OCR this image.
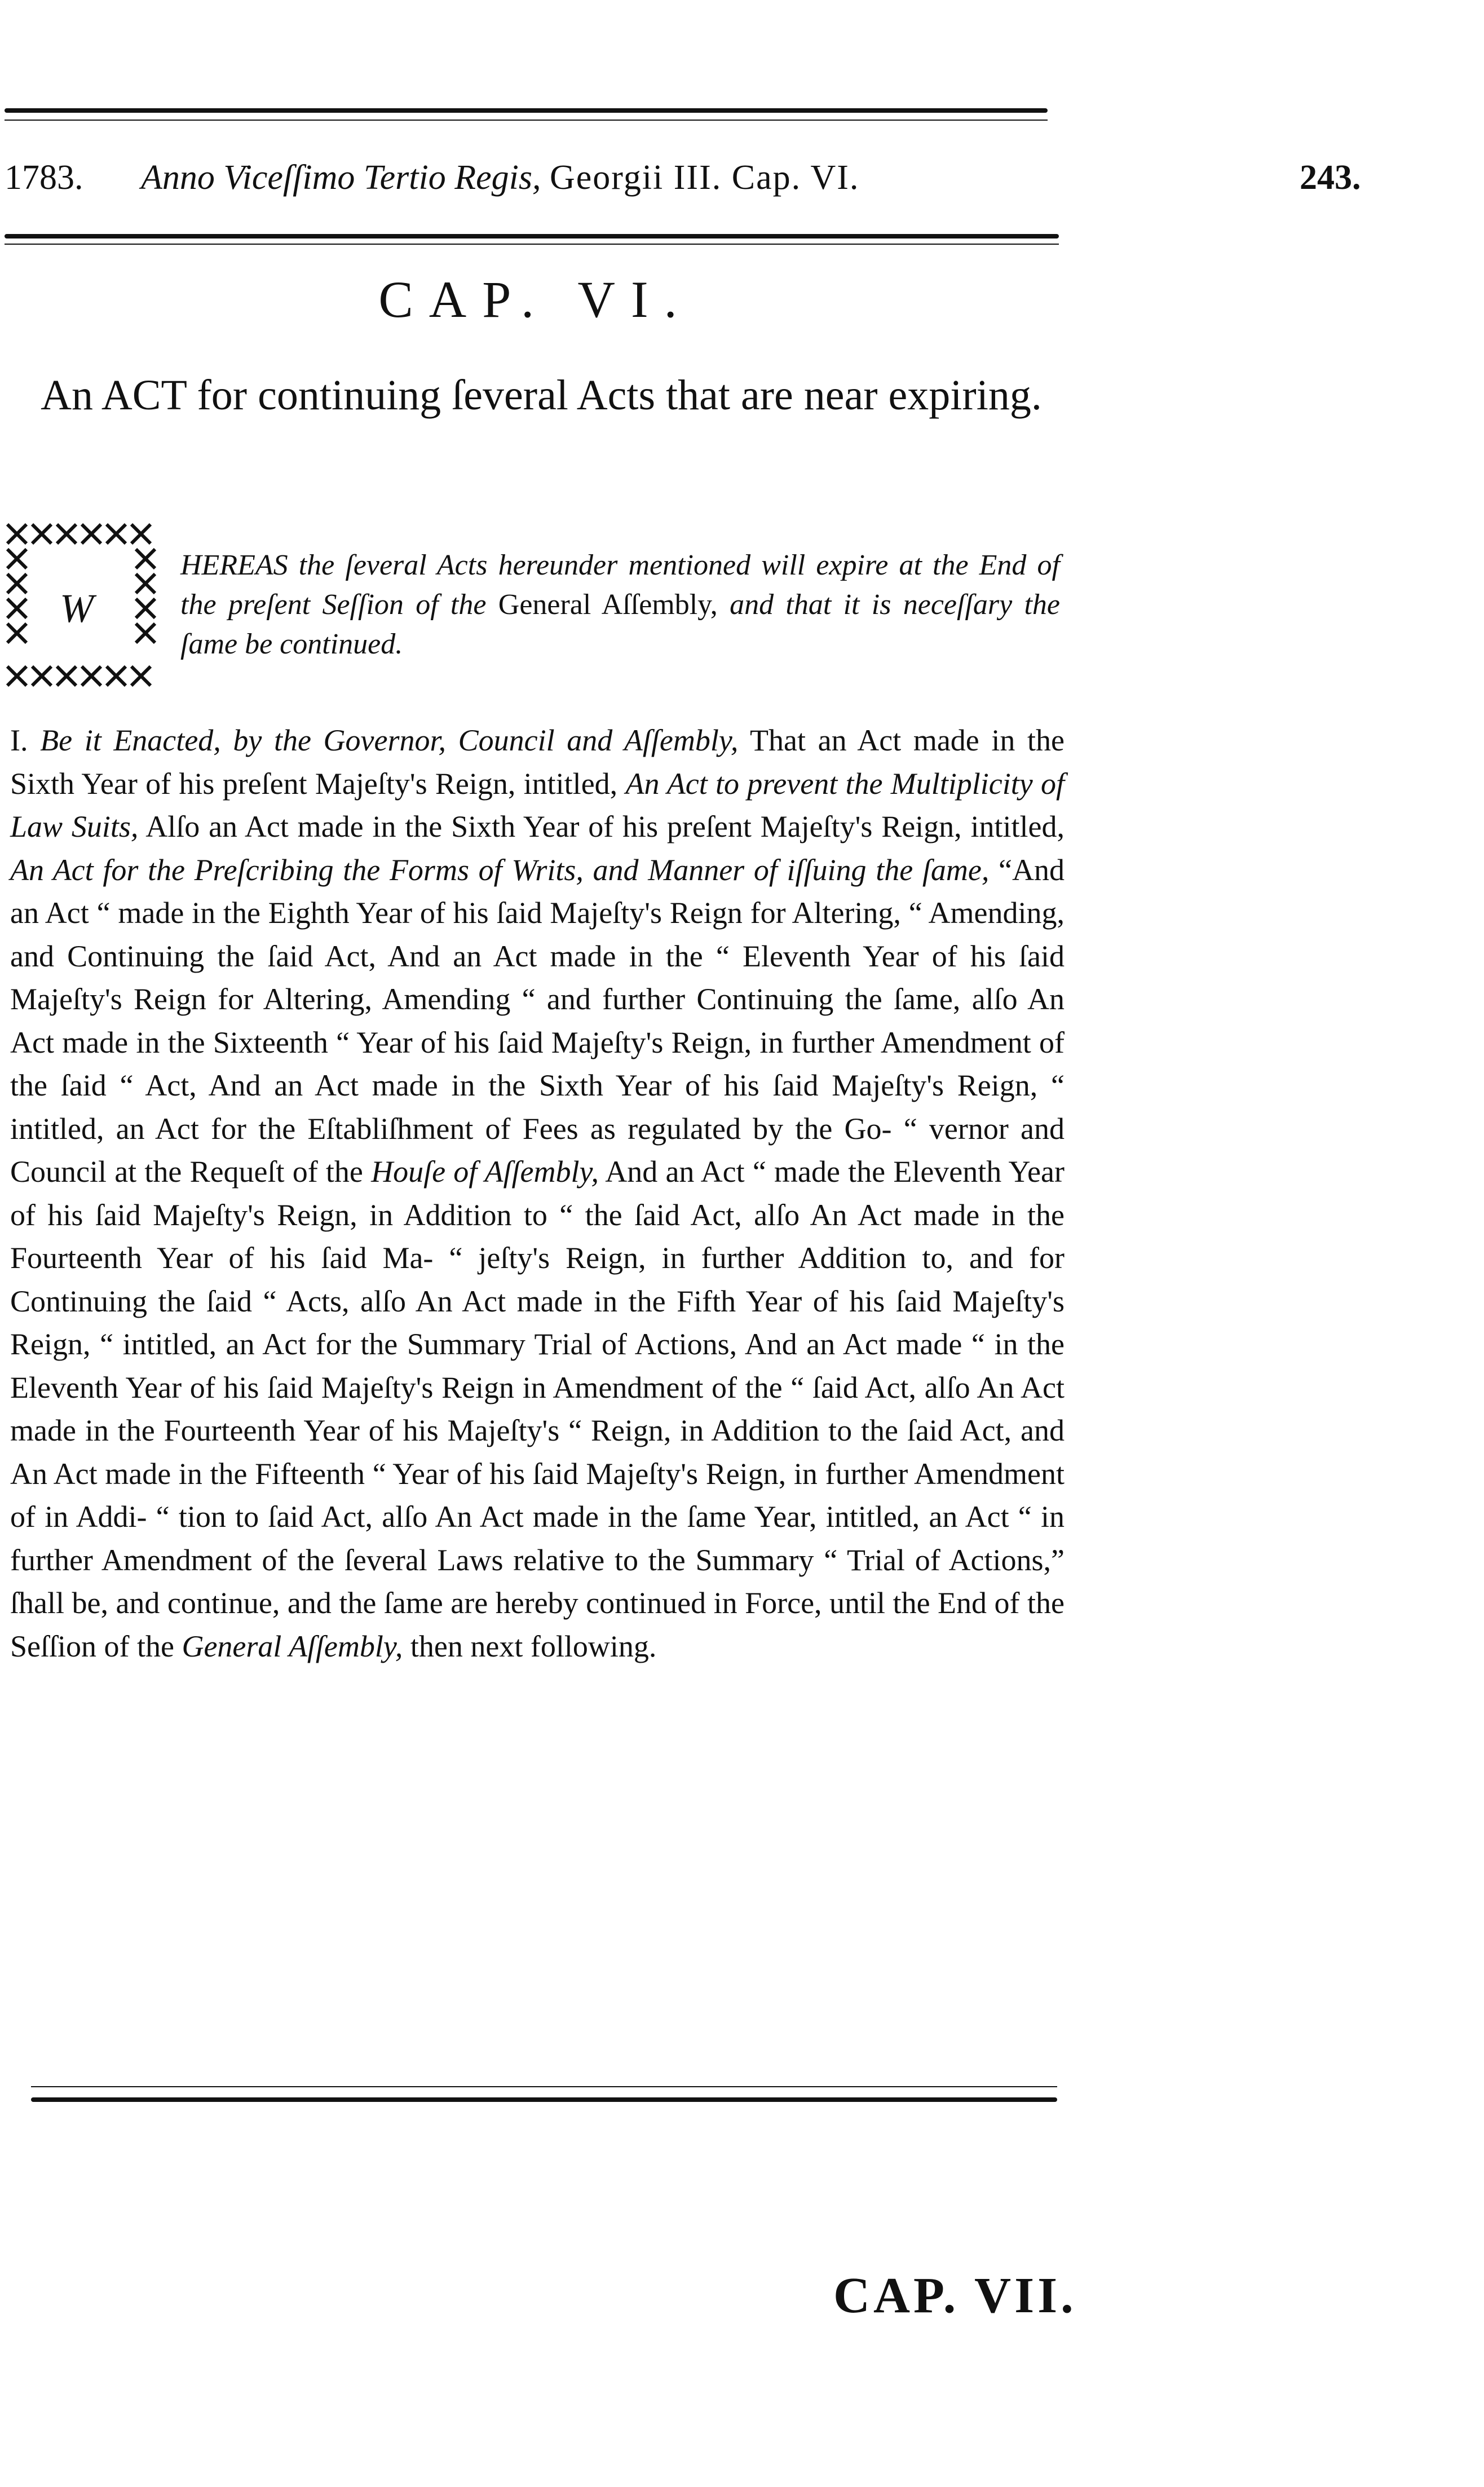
1783. Anno Viceſſimo Tertio Regis, Georgii III. Cap. VI.	243.
CAP. VI.
An ACT for continuing ſeveral Acts that are near expiring.
W
HEREAS the ſeveral Acts hereunder mentioned will expire at the End of the preſent Seſſion of the General Aſſembly, and that it is neceſſary the ſame be continued.
I. Be it Enacted, by the Governor, Council and Aſſembly, That an Act made in the Sixth Year of his preſent Majeſty's Reign, intitled, An Act to prevent the Multiplicity of Law Suits, Alſo an Act made in the Sixth Year of his preſent Majeſty's Reign, intitled, An Act for the Preſcribing the Forms of Writs, and Manner of iſſuing the ſame, “And an Act “ made in the Eighth Year of his ſaid Majeſty's Reign for Altering, “ Amending, and Continuing the ſaid Act, And an Act made in the “ Eleventh Year of his ſaid Majeſty's Reign for Altering, Amending “ and further Continuing the ſame, alſo An Act made in the Sixteenth “ Year of his ſaid Majeſty's Reign, in further Amendment of the ſaid “ Act, And an Act made in the Sixth Year of his ſaid Majeſty's Reign, “ intitled, an Act for the Eſtabliſhment of Fees as regulated by the Go- “ vernor and Council at the Requeſt of the Houſe of Aſſembly, And an Act “ made the Eleventh Year of his ſaid Majeſty's Reign, in Addition to “ the ſaid Act, alſo An Act made in the Fourteenth Year of his ſaid Ma- “ jeſty's Reign, in further Addition to, and for Continuing the ſaid “ Acts, alſo An Act made in the Fifth Year of his ſaid Majeſty's Reign, “ intitled, an Act for the Summary Trial of Actions, And an Act made “ in the Eleventh Year of his ſaid Majeſty's Reign in Amendment of the “ ſaid Act, alſo An Act made in the Fourteenth Year of his Majeſty's “ Reign, in Addition to the ſaid Act, and An Act made in the Fifteenth “ Year of his ſaid Majeſty's Reign, in further Amendment of in Addi- “ tion to ſaid Act, alſo An Act made in the ſame Year, intitled, an Act “ in further Amendment of the ſeveral Laws relative to the Summary “ Trial of Actions,” ſhall be, and continue, and the ſame are hereby continued in Force, until the End of the Seſſion of the General Aſſembly, then next following.
CAP. VII.
